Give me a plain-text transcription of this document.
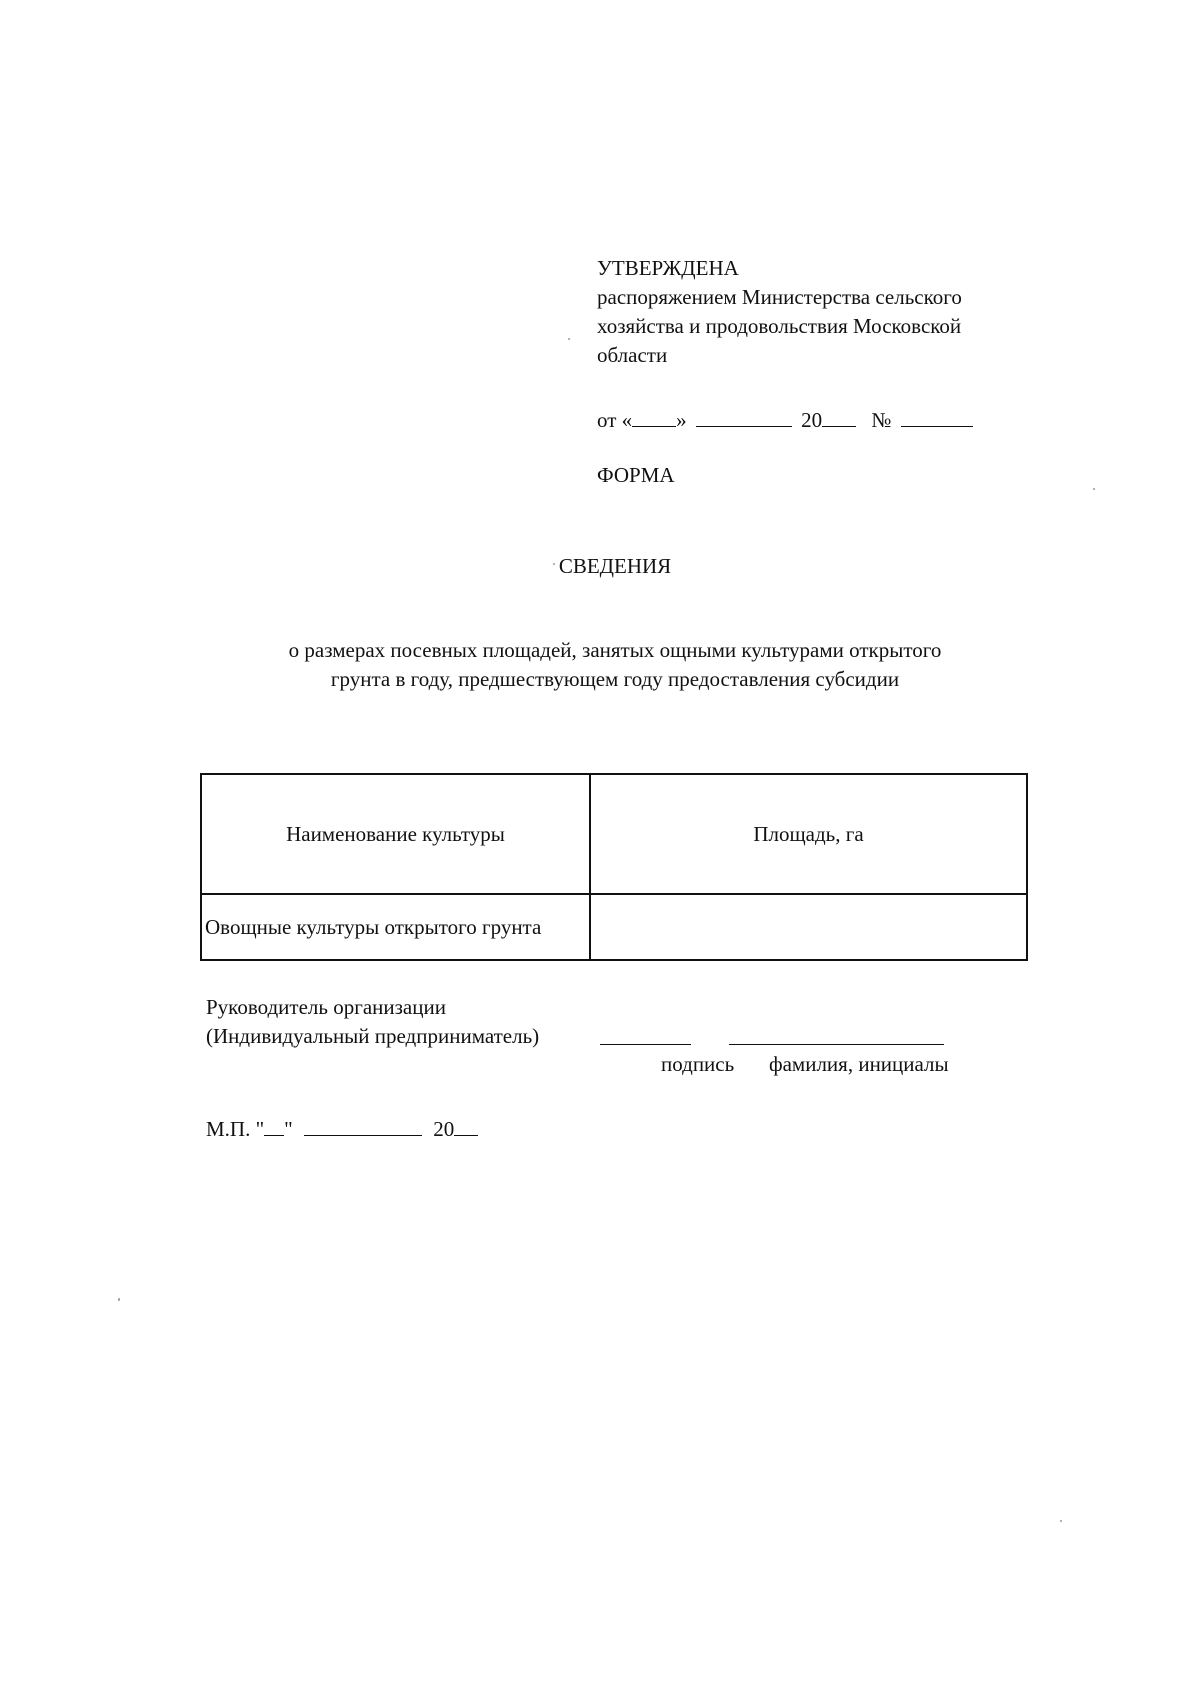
УТВЕРЖДЕНА
распоряжением Министерства сельского
хозяйства и продовольствия Московской
области
от « »	20 №
ФОРМА
СВЕДЕНИЯ
о размерах посевных площадей, занятых ощными культурами открытого
грунта в году, предшествующем году предоставления субсидии
Наименование культуры	Площадь, га
Овощные культуры открытого грунта	
Руководитель организации
(Индивидуальный предприниматель)
подпись фамилия, инициалы
М.П. " "	20
